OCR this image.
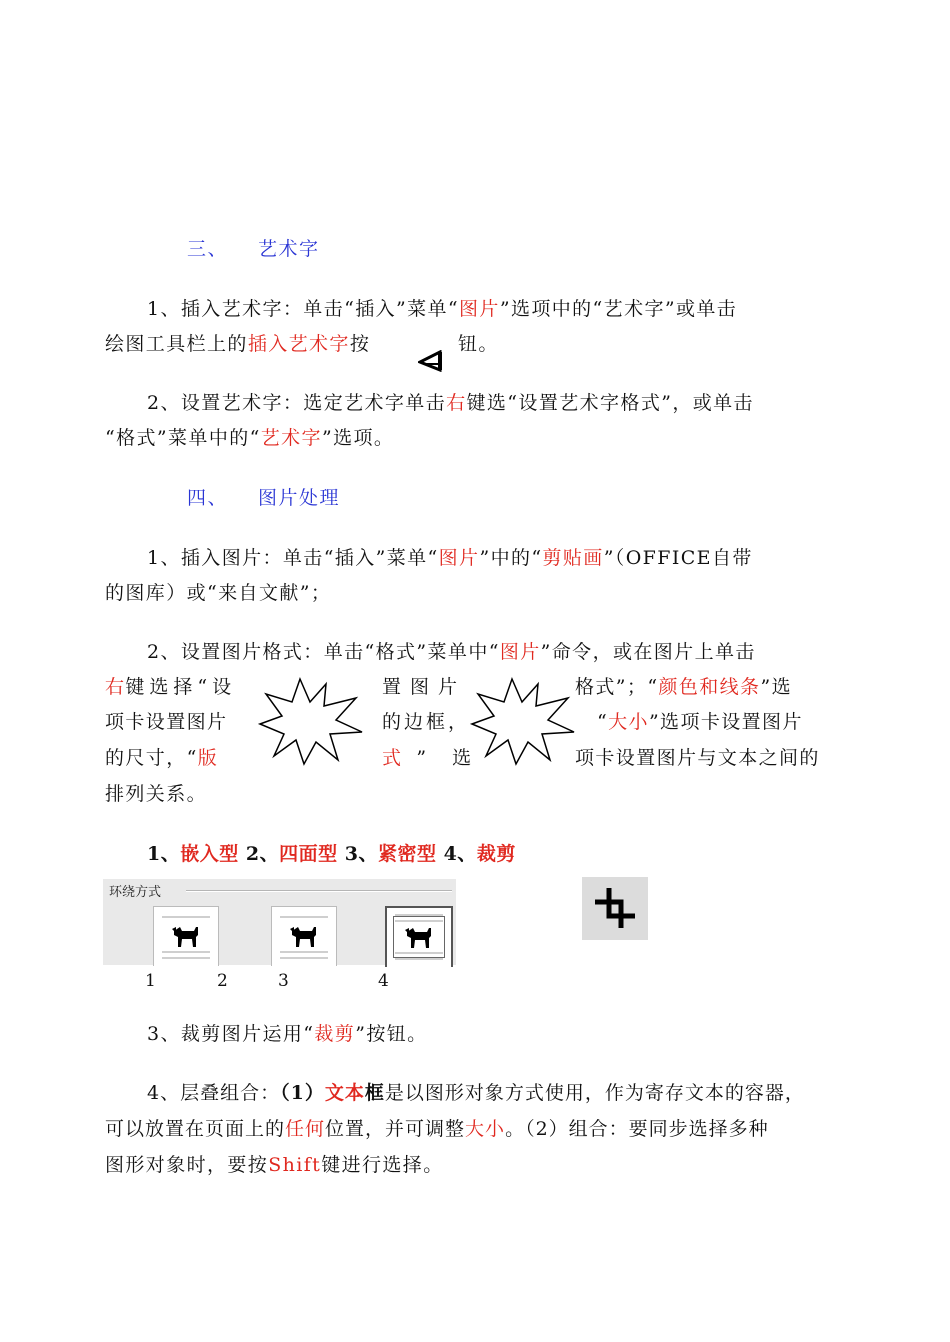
三、 艺术字
1、插入艺术字：单击“插入”菜单“图片”选项中的“艺术字”或单击
绘图工具栏上的插入艺术字按	钮。
2、设置艺术字：选定艺术字单击右键选“设置艺术字格式”，或单击
“格式”菜单中的“艺术字”选项。
四、 图片处理
1、插入图片：单击“插入”菜单“图片”中的“剪贴画”（OFFICE自带
的图库）或“来自文献”；
2、设置图片格式：单击“格式”菜单中“图片”命令，或在图片上单击
右键选择“设	置图片	格式”；“颜色和线条”选
项卡设置图片	的边框，	“大小”选项卡设置图片
的尺寸，“版	式 ”选	项卡设置图片与文本之间的
排列关系。
1、嵌入型 2、四面型 3、紧密型 4、裁剪
环绕方式
1	2	3	4
3、裁剪图片运用“裁剪”按钮。
4、层叠组合：（1）文本框是以图形对象方式使用，作为寄存文本的容器，
可以放置在页面上的任何位置，并可调整大小。（2）组合：要同步选择多种
图形对象时，要按Shift键进行选择。
